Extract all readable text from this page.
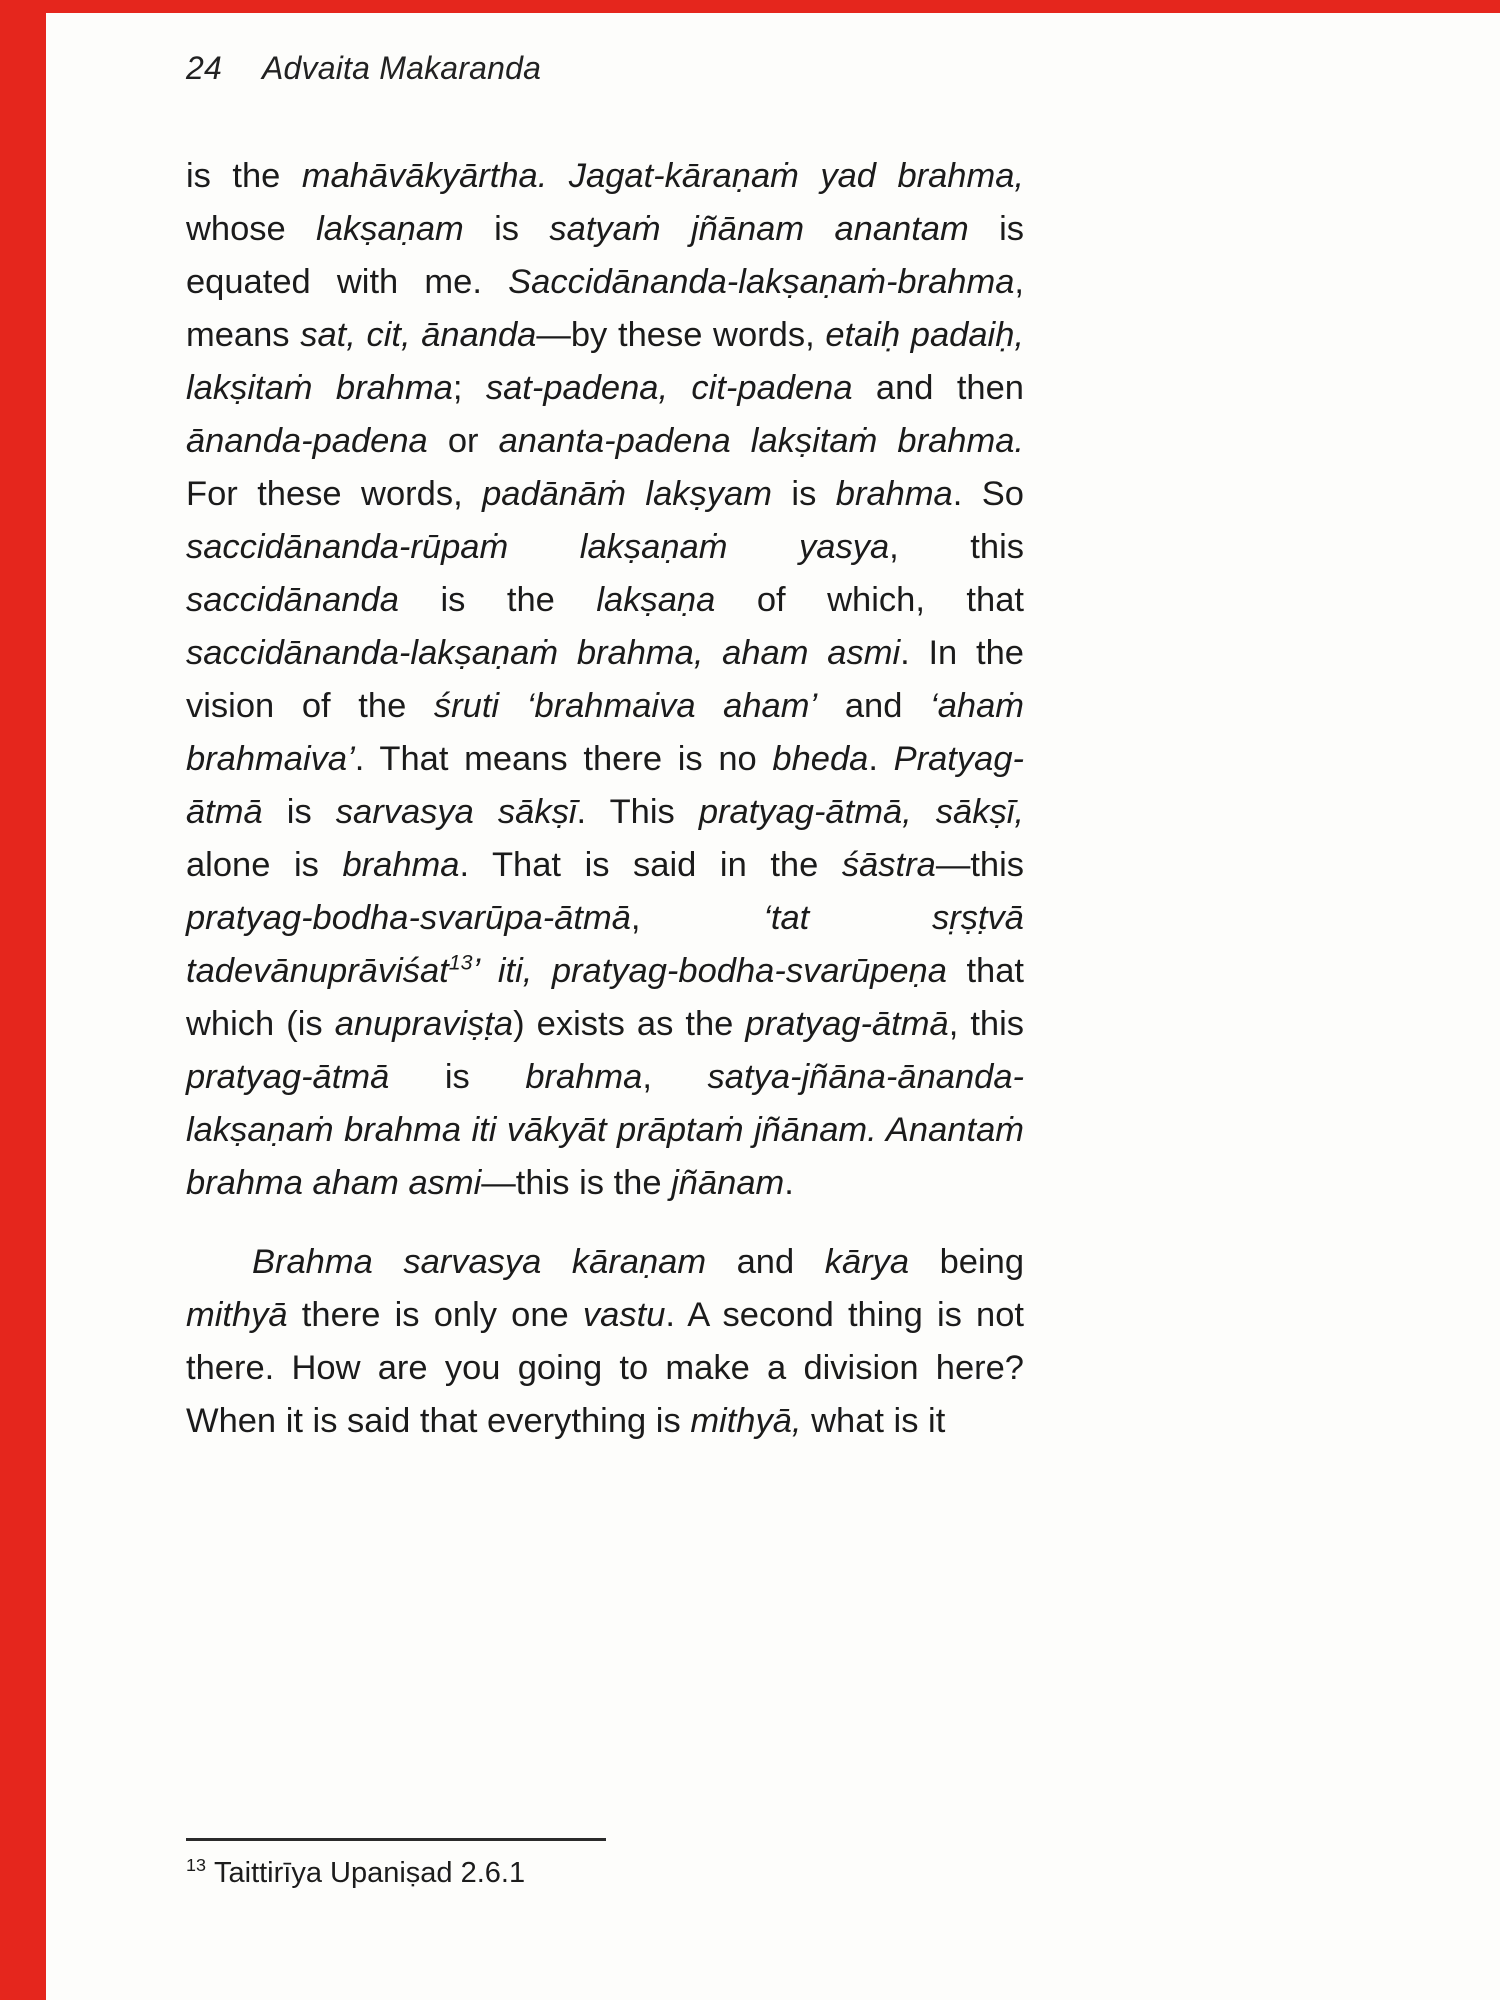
24 Advaita Makaranda

is the mahāvākyārtha. Jagat-kāraṇaṁ yad brahma, whose lakṣaṇam is satyaṁ jñānam anantam is equated with me. Saccidānanda-lakṣaṇaṁ-brahma, means sat, cit, ānanda—by these words, etaiḥ padaiḥ, lakṣitaṁ brahma; sat-padena, cit-padena and then ānanda-padena or ananta-padena lakṣitaṁ brahma. For these words, padānāṁ lakṣyam is brahma. So saccidānanda-rūpaṁ lakṣaṇaṁ yasya, this saccidānanda is the lakṣaṇa of which, that saccidānanda-lakṣaṇaṁ brahma, aham asmi. In the vision of the śruti ‘brahmaiva aham’ and ‘ahaṁ brahmaiva’. That means there is no bheda. Pratyag-ātmā is sarvasya sākṣī. This pratyag-ātmā, sākṣī, alone is brahma. That is said in the śāstra—this pratyag-bodha-svarūpa-ātmā, ‘tat sṛṣṭvā tadevānuprāviśat$^{13}$’ iti, pratyag-bodha-svarūpeṇa that which (is anupraviṣṭa) exists as the pratyag-ātmā, this pratyag-ātmā is brahma, satya-jñāna-ānanda-lakṣaṇaṁ brahma iti vākyāt prāptaṁ jñānam. Anantaṁ brahma aham asmi—this is the jñānam.

Brahma sarvasya kāraṇam and kārya being mithyā there is only one vastu. A second thing is not there. How are you going to make a division here? When it is said that everything is mithyā, what is it

$^{13}$ Taittirīya Upaniṣad 2.6.1
